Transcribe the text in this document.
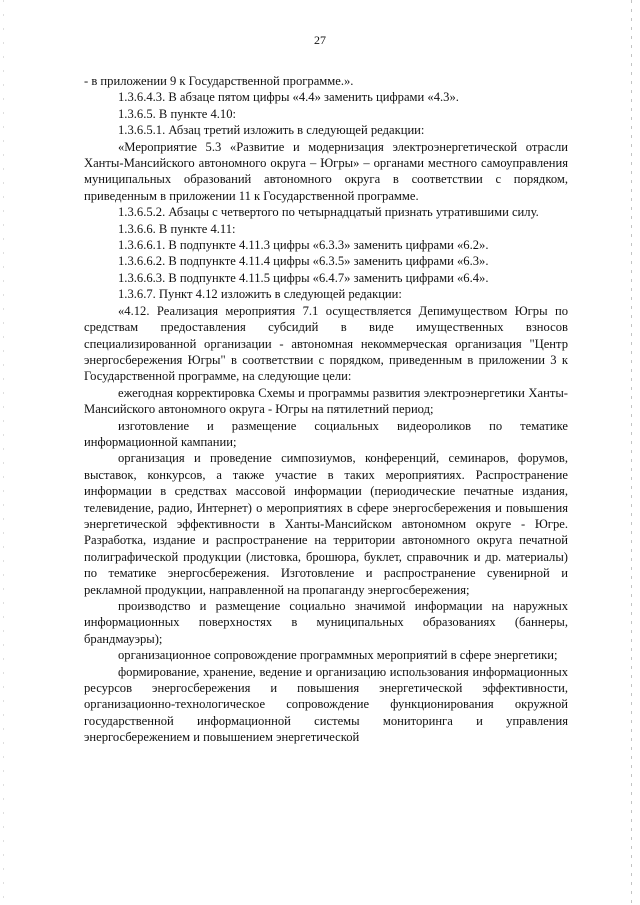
27

- в приложении 9 к Государственной программе.».

1.3.6.4.3. В абзаце пятом цифры «4.4» заменить цифрами «4.3».

1.3.6.5. В пункте 4.10:

1.3.6.5.1. Абзац третий изложить в следующей редакции:

«Мероприятие 5.3 «Развитие и модернизация электроэнергетической отрасли Ханты-Мансийского автономного округа – Югры» – органами местного самоуправления муниципальных образований автономного округа в соответствии с порядком, приведенным в приложении 11 к Государственной программе.

1.3.6.5.2. Абзацы с четвертого по четырнадцатый признать утратившими силу.

1.3.6.6. В пункте 4.11:

1.3.6.6.1. В подпункте 4.11.3 цифры «6.3.3» заменить цифрами «6.2».

1.3.6.6.2. В подпункте 4.11.4 цифры «6.3.5» заменить цифрами «6.3».

1.3.6.6.3. В подпункте 4.11.5 цифры «6.4.7» заменить цифрами «6.4».

1.3.6.7. Пункт 4.12 изложить в следующей редакции:

«4.12. Реализация мероприятия 7.1 осуществляется Депимуществом Югры по средствам предоставления субсидий в виде имущественных взносов специализированной организации - автономная некоммерческая организация "Центр энергосбережения Югры" в соответствии с порядком, приведенным в приложении 3 к Государственной программе, на следующие цели:

ежегодная корректировка Схемы и программы развития электроэнергетики Ханты-Мансийского автономного округа - Югры на пятилетний период;

изготовление и размещение социальных видеороликов по тематике информационной кампании;

организация и проведение симпозиумов, конференций, семинаров, форумов, выставок, конкурсов, а также участие в таких мероприятиях. Распространение информации в средствах массовой информации (периодические печатные издания, телевидение, радио, Интернет) о мероприятиях в сфере энергосбережения и повышения энергетической эффективности в Ханты-Мансийском автономном округе - Югре. Разработка, издание и распространение на территории автономного округа печатной полиграфической продукции (листовка, брошюра, буклет, справочник и др. материалы) по тематике энергосбережения. Изготовление и распространение сувенирной и рекламной продукции, направленной на пропаганду энергосбережения;

производство и размещение социально значимой информации на наружных информационных поверхностях в муниципальных образованиях (баннеры, брандмауэры);

организационное сопровождение программных мероприятий в сфере энергетики;

формирование, хранение, ведение и организацию использования информационных ресурсов энергосбережения и повышения энергетической эффективности, организационно-технологическое сопровождение функционирования окружной государственной информационной системы мониторинга и управления энергосбережением и повышением энергетической
